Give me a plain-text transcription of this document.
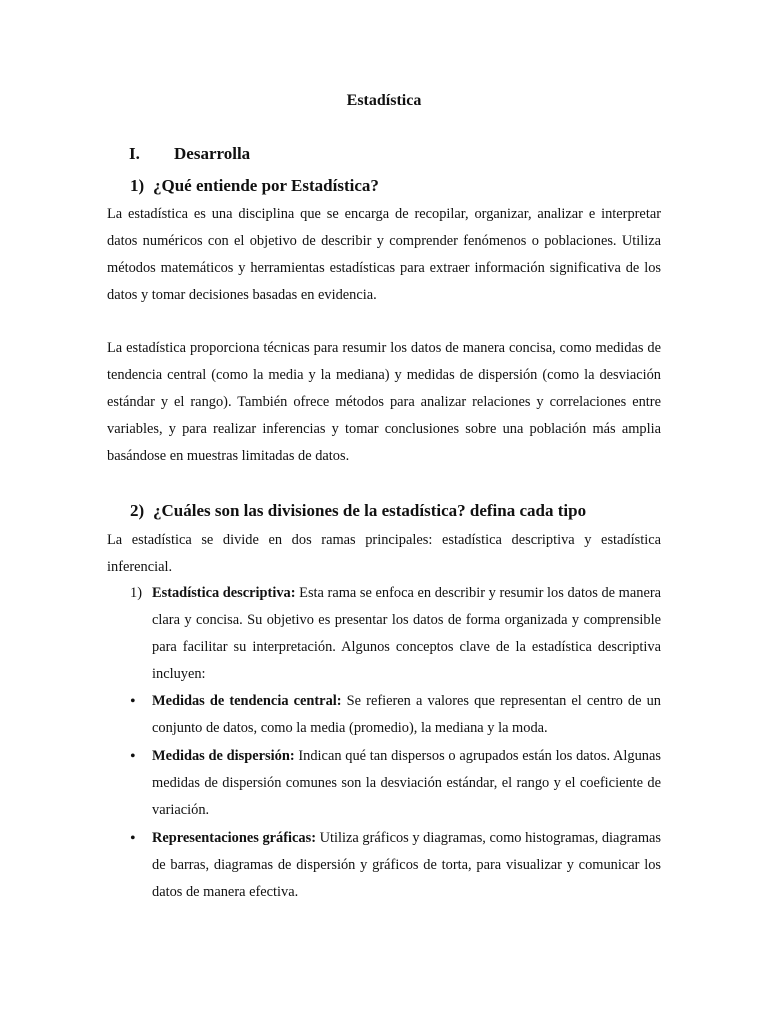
Estadística
I. Desarrolla
1) ¿Qué entiende por Estadística?

La estadística es una disciplina que se encarga de recopilar, organizar, analizar e interpretar datos numéricos con el objetivo de describir y comprender fenómenos o poblaciones. Utiliza métodos matemáticos y herramientas estadísticas para extraer información significativa de los datos y tomar decisiones basadas en evidencia.

La estadística proporciona técnicas para resumir los datos de manera concisa, como medidas de tendencia central (como la media y la mediana) y medidas de dispersión (como la desviación estándar y el rango). También ofrece métodos para analizar relaciones y correlaciones entre variables, y para realizar inferencias y tomar conclusiones sobre una población más amplia basándose en muestras limitadas de datos.

2) ¿Cuáles son las divisiones de la estadística? defina cada tipo

La estadística se divide en dos ramas principales: estadística descriptiva y estadística inferencial.

1) Estadística descriptiva: Esta rama se enfoca en describir y resumir los datos de manera clara y concisa. Su objetivo es presentar los datos de forma organizada y comprensible para facilitar su interpretación. Algunos conceptos clave de la estadística descriptiva incluyen:

• Medidas de tendencia central: Se refieren a valores que representan el centro de un conjunto de datos, como la media (promedio), la mediana y la moda.

• Medidas de dispersión: Indican qué tan dispersos o agrupados están los datos. Algunas medidas de dispersión comunes son la desviación estándar, el rango y el coeficiente de variación.

• Representaciones gráficas: Utiliza gráficos y diagramas, como histogramas, diagramas de barras, diagramas de dispersión y gráficos de torta, para visualizar y comunicar los datos de manera efectiva.
